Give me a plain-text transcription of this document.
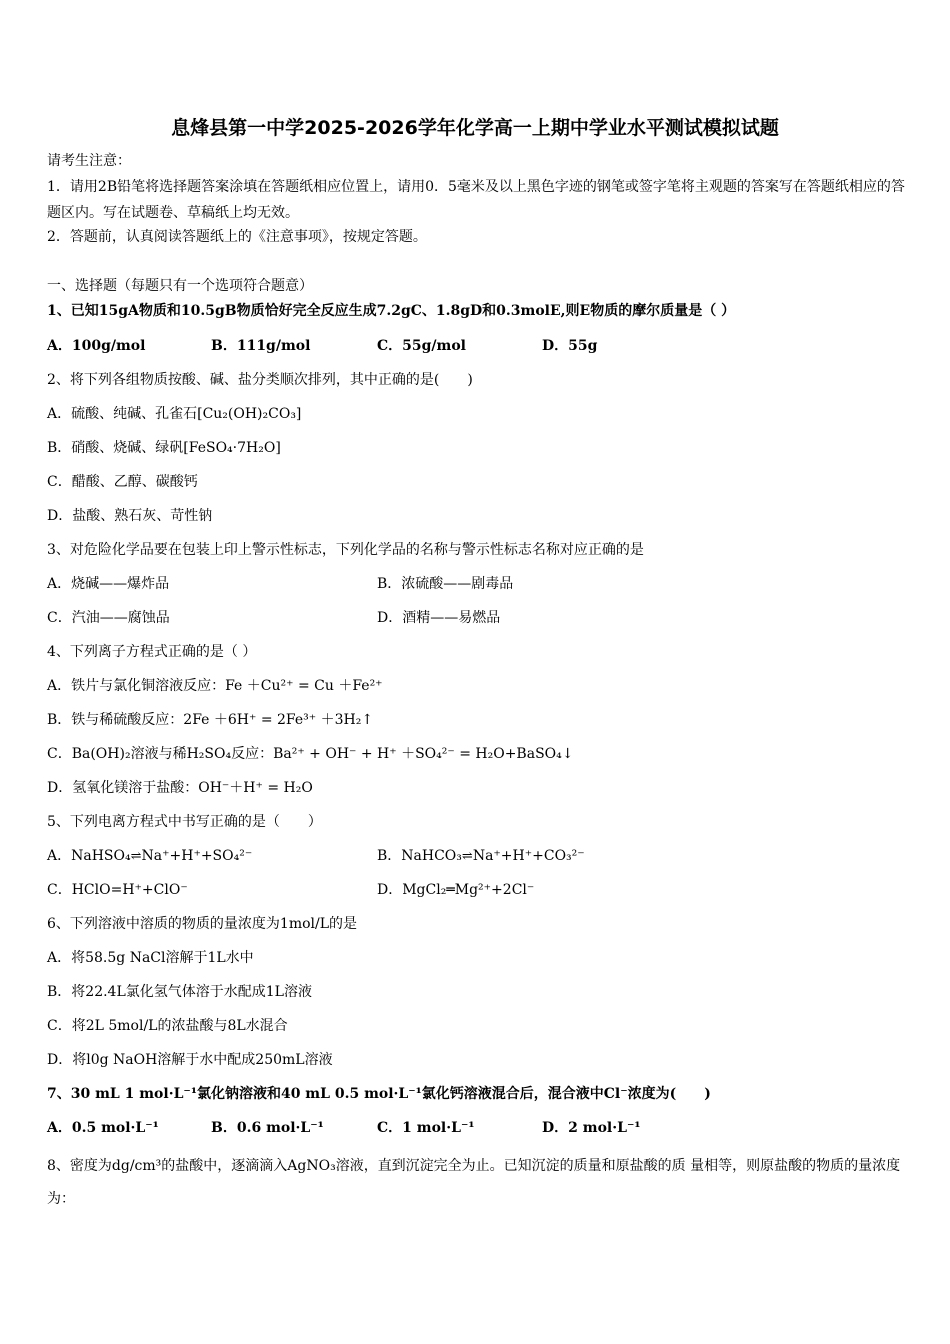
息烽县第一中学2025-2026学年化学高一上期中学业水平测试模拟试题
请考生注意：
1．请用2B铅笔将选择题答案涂填在答题纸相应位置上，请用0．5毫米及以上黑色字迹的钢笔或签字笔将主观题的答案写在答题纸相应的答题区内。写在试题卷、草稿纸上均无效。
2．答题前，认真阅读答题纸上的《注意事项》，按规定答题。
一、选择题（每题只有一个选项符合题意）
1、已知15gA物质和10.5gB物质恰好完全反应生成7.2gC、1.8gD和0.3molE,则E物质的摩尔质量是（ ）
A．100g/mol	B．111g/mol	C．55g/mol	D．55g
2、将下列各组物质按酸、碱、盐分类顺次排列，其中正确的是(　　)
A．硫酸、纯碱、孔雀石[Cu₂(OH)₂CO₃]
B．硝酸、烧碱、绿矾[FeSO₄·7H₂O]
C．醋酸、乙醇、碳酸钙
D．盐酸、熟石灰、苛性钠
3、对危险化学品要在包装上印上警示性标志，下列化学品的名称与警示性标志名称对应正确的是
A．烧碱——爆炸品	B．浓硫酸——剧毒品
C．汽油——腐蚀品	D．酒精——易燃品
4、下列离子方程式正确的是（ ）
A．铁片与氯化铜溶液反应：Fe ＋Cu²⁺ = Cu ＋Fe²⁺
B．铁与稀硫酸反应：2Fe ＋6H⁺ = 2Fe³⁺ ＋3H₂↑
C．Ba(OH)₂溶液与稀H₂SO₄反应：Ba²⁺ + OH⁻ + H⁺ ＋SO₄²⁻ = H₂O+BaSO₄↓
D．氢氧化镁溶于盐酸：OH⁻＋H⁺ = H₂O
5、下列电离方程式中书写正确的是（　　）
A．NaHSO₄⇌Na⁺+H⁺+SO₄²⁻	B．NaHCO₃⇌Na⁺+H⁺+CO₃²⁻
C．HClO=H⁺+ClO⁻	D．MgCl₂═Mg²⁺+2Cl⁻
6、下列溶液中溶质的物质的量浓度为1mol/L的是
A．将58.5g NaCl溶解于1L水中
B．将22.4L氯化氢气体溶于水配成1L溶液
C．将2L 5mol/L的浓盐酸与8L水混合
D．将l0g NaOH溶解于水中配成250mL溶液
7、30 mL 1 mol·L⁻¹氯化钠溶液和40 mL 0.5 mol·L⁻¹氯化钙溶液混合后，混合液中Cl⁻浓度为(　　)
A．0.5 mol·L⁻¹	B．0.6 mol·L⁻¹	C．1 mol·L⁻¹	D．2 mol·L⁻¹
8、密度为dg/cm³的盐酸中，逐滴滴入AgNO₃溶液，直到沉淀完全为止。已知沉淀的质量和原盐酸的质 量相等，则原盐酸的物质的量浓度为：
